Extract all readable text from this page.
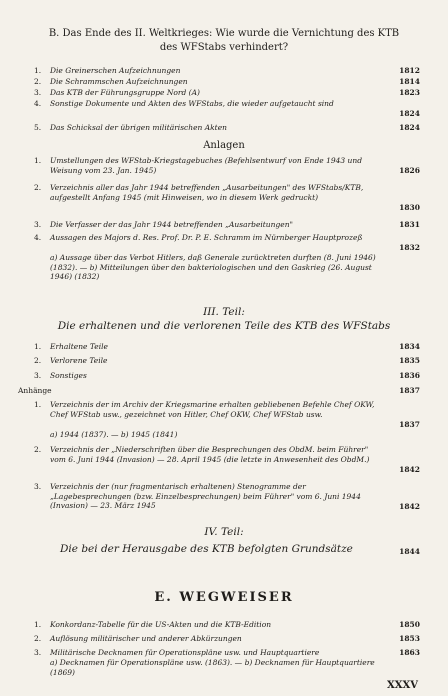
B. Das Ende des II. Weltkrieges: Wie wurde die Vernichtung des KTB
des WFStabs verhindert?
1. Die Greinerschen Aufzeichnungen	1812
2. Die Schrammschen Aufzeichnungen	1814
3. Das KTB der Führungsgruppe Nord (A)	1823
4. Sonstige Dokumente und Akten des WFStabs, die wieder aufgetaucht sind
1824
5. Das Schicksal der übrigen militärischen Akten	1824
Anlagen
1. Umstellungen des WFStab-Kriegstagebuches (Befehlsentwurf von Ende 1943 und Weisung vom 23. Jan. 1945)	1826
2. Verzeichnis aller das Jahr 1944 betreffenden „Ausarbeitungen" des WFStabs/KTB, aufgestellt Anfang 1945 (mit Hinweisen, wo in diesem Werk gedruckt)
1830
3. Die Verfasser der das Jahr 1944 betreffenden „Ausarbeitungen"	1831
4. Aussagen des Majors d. Res. Prof. Dr. P. E. Schramm im Nürnberger Hauptprozeß
1832
a) Aussage über das Verbot Hitlers, daß Generale zurücktreten durften (8. Juni 1946) (1832). — b) Mitteilungen über den bakteriologischen und den Gaskrieg (26. August 1946) (1832)
III. Teil:
Die erhaltenen und die verlorenen Teile des KTB des WFStabs
1. Erhaltene Teile	1834
2. Verlorene Teile	1835
3. Sonstiges	1836
Anhänge	1837
1. Verzeichnis der im Archiv der Kriegsmarine erhalten gebliebenen Befehle Chef OKW, Chef WFStab usw., gezeichnet von Hitler, Chef OKW, Chef WFStab usw.
1837
a) 1944 (1837). — b) 1945 (1841)
2. Verzeichnis der „Niederschriften über die Besprechungen des ObdM. beim Führer" vom 6. Juni 1944 (Invasion) — 28. April 1945 (die letzte in Anwesenheit des ObdM.)
1842
3. Verzeichnis der (nur fragmentarisch erhaltenen) Stenogramme der „Lagebesprechungen (bzw. Einzelbesprechungen) beim Führer" vom 6. Juni 1944 (Invasion) — 23. März 1945	1842
IV. Teil:
Die bei der Herausgabe des KTB befolgten Grundsätze	1844
E. WEGWEISER
1. Konkordanz-Tabelle für die US-Akten und die KTB-Edition	1850
2. Auflösung militärischer und anderer Abkürzungen	1853
3. Militärische Decknamen für Operationspläne usw. und Hauptquartiere	1863
a) Decknamen für Operationspläne usw. (1863). — b) Decknamen für Hauptquartiere (1869)
XXXV
